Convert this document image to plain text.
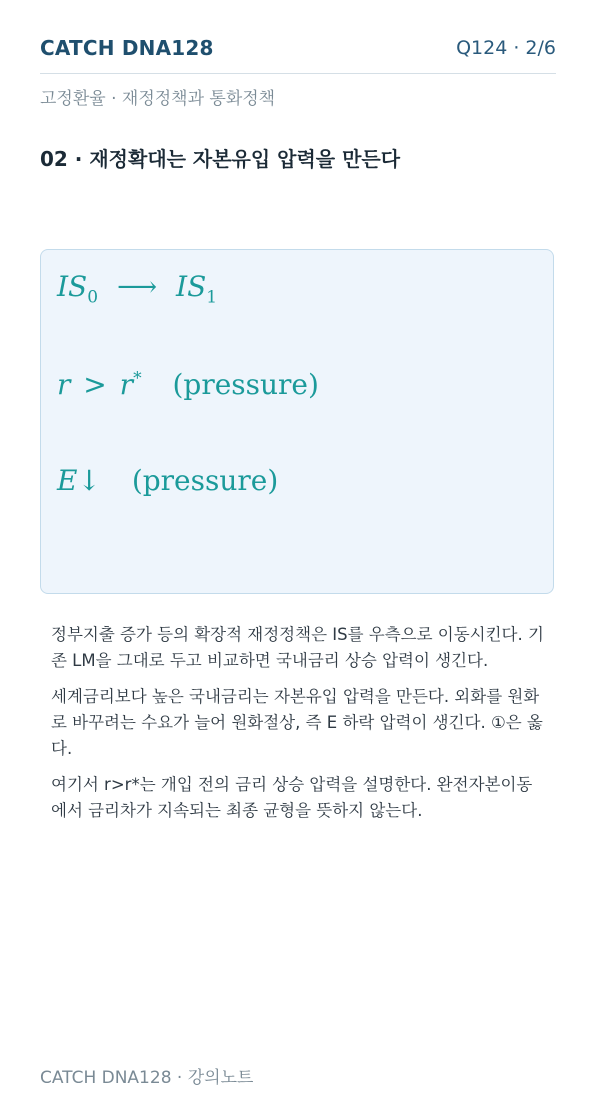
CATCH DNA128	Q124 · 2/6
고정환율 · 재정정책과 통화정책
02 · 재정확대는 자본유입 압력을 만든다
$IS_0$ ⟶ $IS_1$
r > r* (pressure)
E↓ (pressure)
정부지출 증가 등의 확장적 재정정책은 IS를 우측으로 이동시킨다. 기존 LM을 그대로 두고 비교하면 국내금리 상승 압력이 생긴다.
세계금리보다 높은 국내금리는 자본유입 압력을 만든다. 외화를 원화로 바꾸려는 수요가 늘어 원화절상, 즉 E 하락 압력이 생긴다. ①은 옳다.
여기서 r>r*는 개입 전의 금리 상승 압력을 설명한다. 완전자본이동에서 금리차가 지속되는 최종 균형을 뜻하지 않는다.
CATCH DNA128 · 강의노트
